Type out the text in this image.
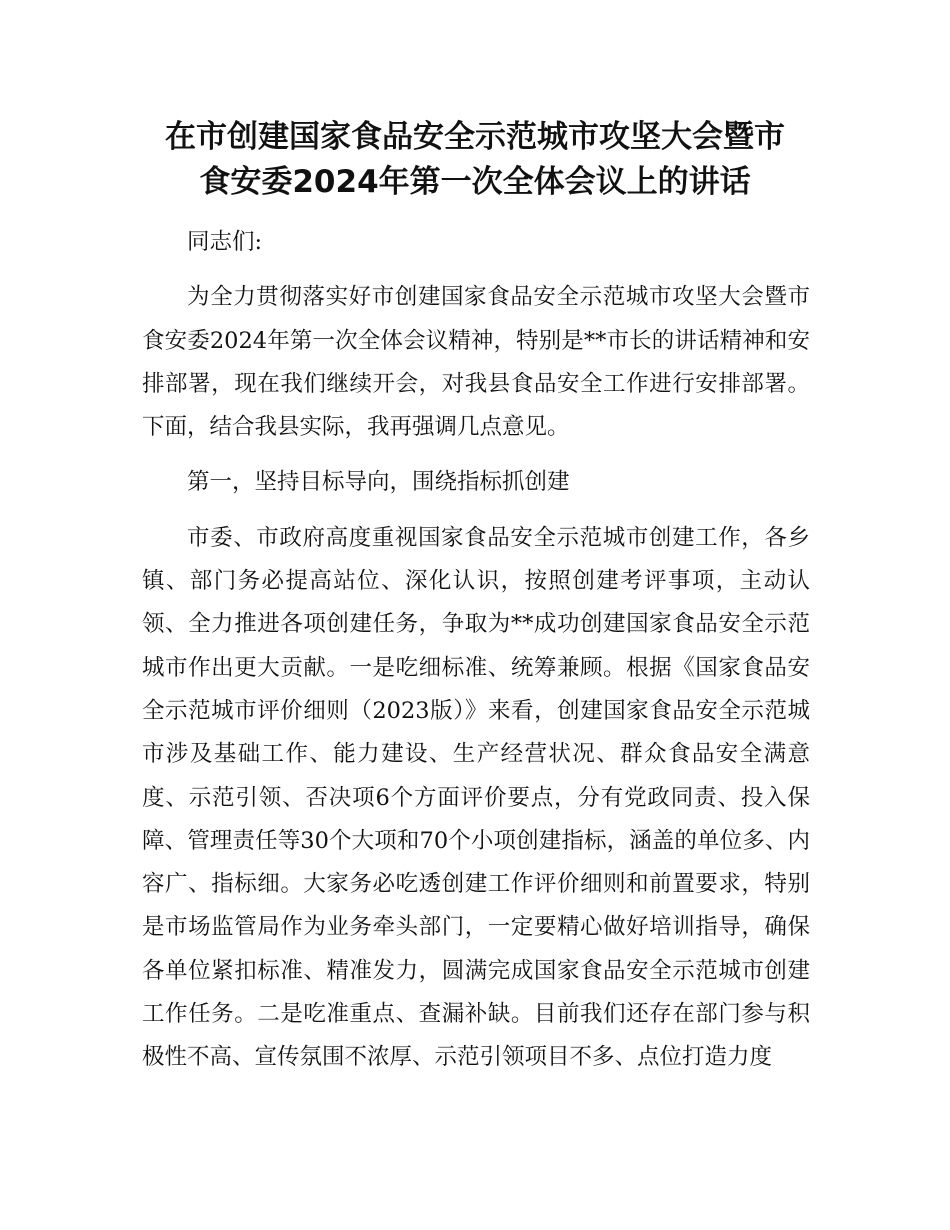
在市创建国家食品安全示范城市攻坚大会暨市
食安委2024年第一次全体会议上的讲话

同志们:

为全力贯彻落实好市创建国家食品安全示范城市攻坚大会暨市食安委2024年第一次全体会议精神，特别是**市长的讲话精神和安排部署，现在我们继续开会，对我县食品安全工作进行安排部署。下面，结合我县实际，我再强调几点意见。

第一，坚持目标导向，围绕指标抓创建

市委、市政府高度重视国家食品安全示范城市创建工作，各乡镇、部门务必提高站位、深化认识，按照创建考评事项，主动认领、全力推进各项创建任务，争取为**成功创建国家食品安全示范城市作出更大贡献。一是吃细标准、统筹兼顾。根据《国家食品安全示范城市评价细则（2023版）》来看，创建国家食品安全示范城市涉及基础工作、能力建设、生产经营状况、群众食品安全满意度、示范引领、否决项6个方面评价要点，分有党政同责、投入保障、管理责任等30个大项和70个小项创建指标，涵盖的单位多、内容广、指标细。大家务必吃透创建工作评价细则和前置要求，特别是市场监管局作为业务牵头部门，一定要精心做好培训指导，确保各单位紧扣标准、精准发力，圆满完成国家食品安全示范城市创建工作任务。二是吃准重点、查漏补缺。目前我们还存在部门参与积极性不高、宣传氛围不浓厚、示范引领项目不多、点位打造力度
